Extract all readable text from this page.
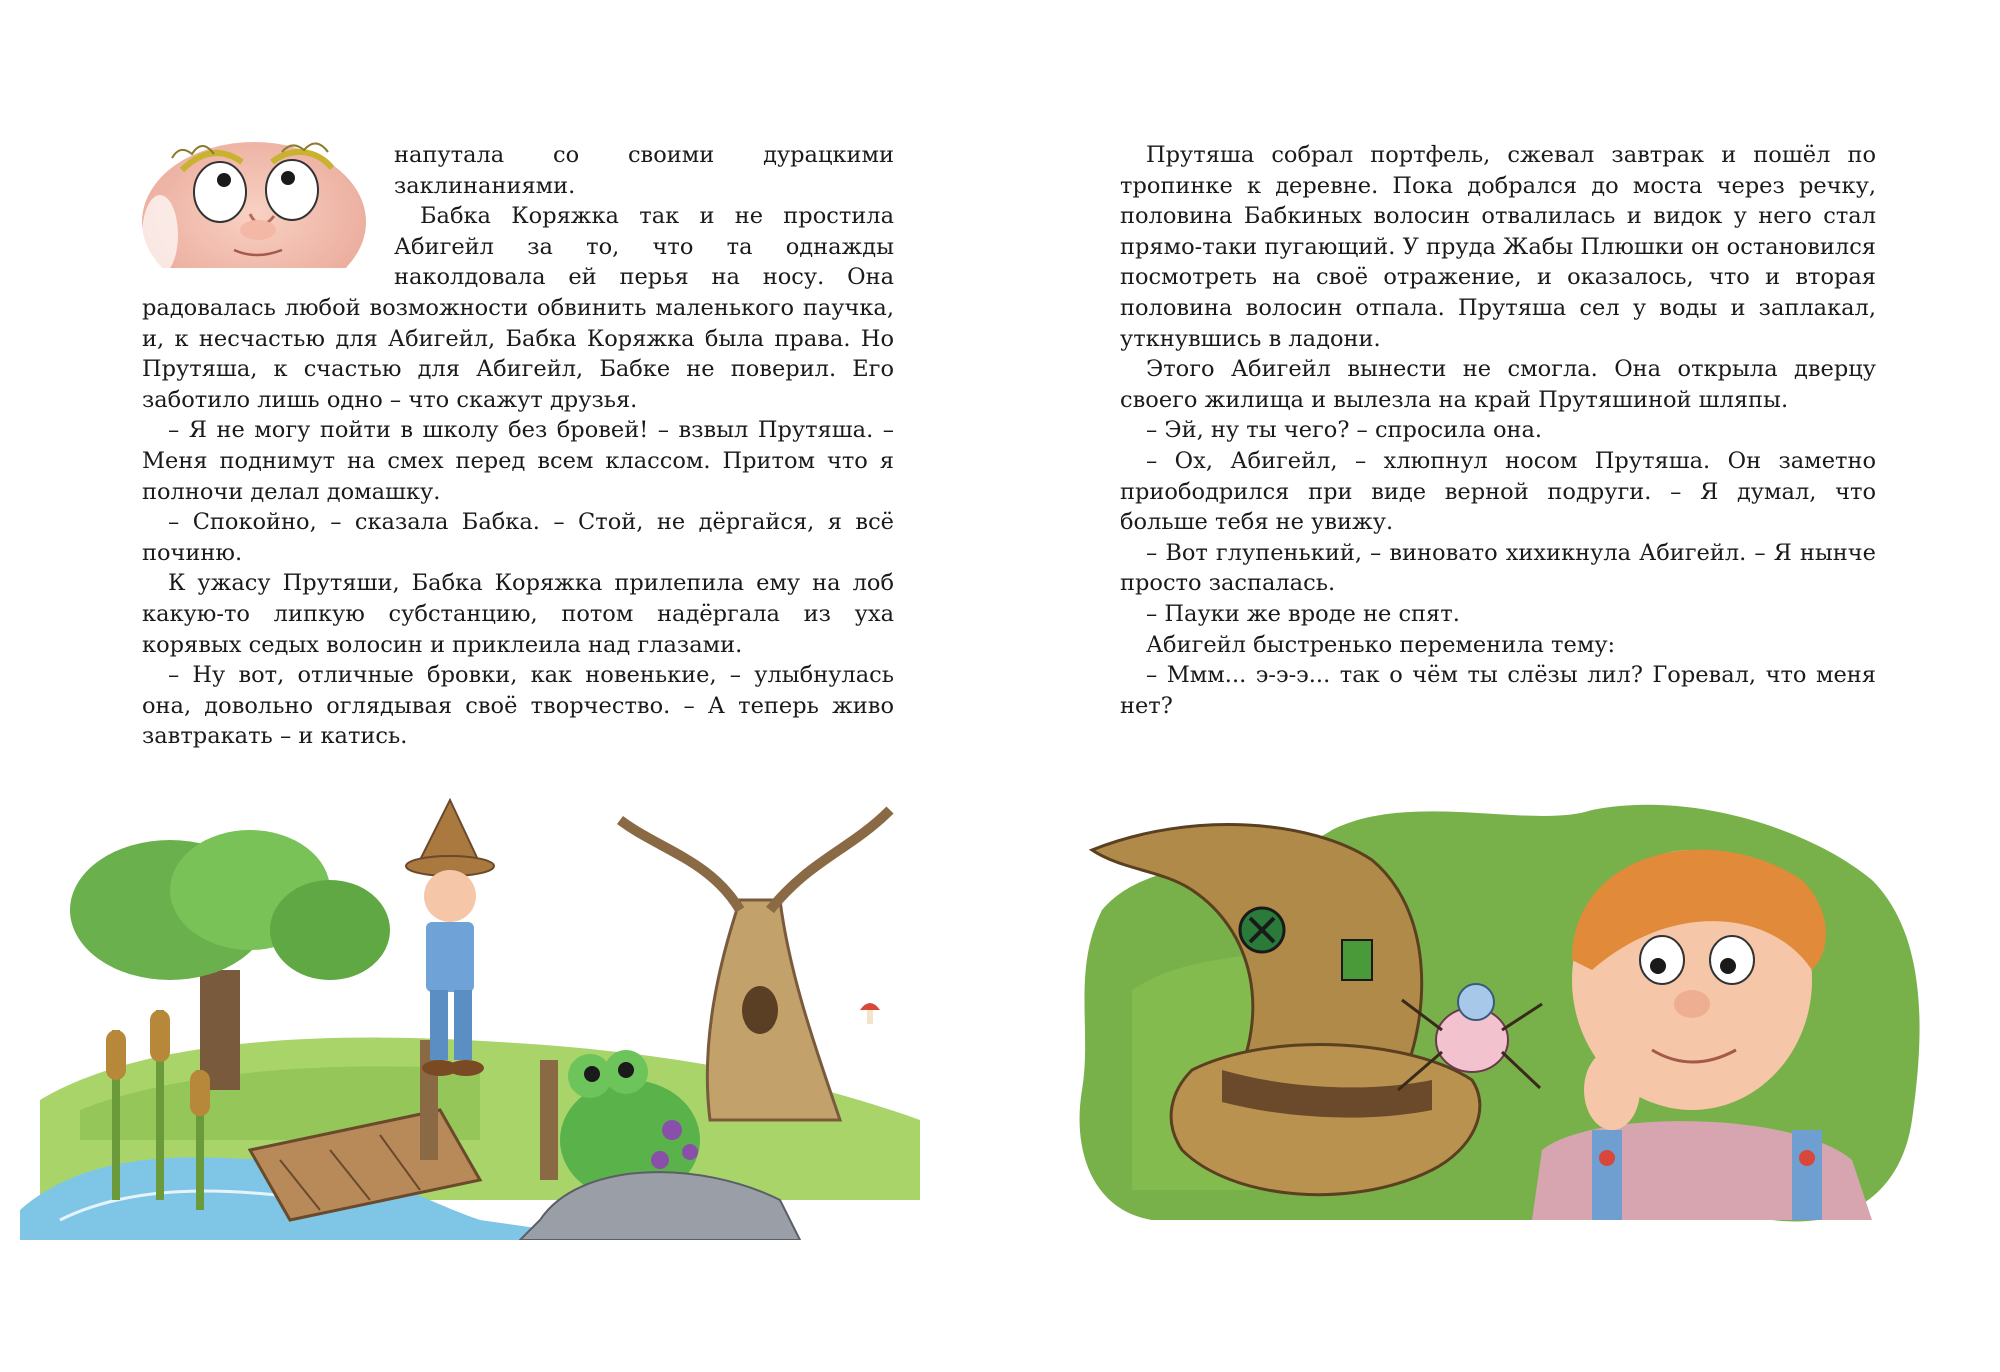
напутала со своими дурацкими заклинаниями.

Бабка Коряжка так и не простила Абигейл за то, что та однажды наколдовала ей перья на носу. Она радовалась любой возможности обвинить маленького паучка, и, к несчастью для Абигейл, Бабка Коряжка была права. Но Прутяша, к счастью для Абигейл, Бабке не поверил. Его заботило лишь одно – что скажут друзья.

– Я не могу пойти в школу без бровей! – взвыл Прутяша. – Меня поднимут на смех перед всем классом. Притом что я полночи делал домашку.

– Спокойно, – сказала Бабка. – Стой, не дёргайся, я всё починю.

К ужасу Прутяши, Бабка Коряжка прилепила ему на лоб какую-то липкую субстанцию, потом надёргала из уха корявых седых волосин и приклеила над глазами.

– Ну вот, отличные бровки, как новенькие, – улыбнулась она, довольно оглядывая своё творчество. – А теперь живо завтракать – и катись.

Прутяша собрал портфель, сжевал завтрак и пошёл по тропинке к деревне. Пока добрался до моста через речку, половина Бабкиных волосин отвалилась и видок у него стал прямо-таки пугающий. У пруда Жабы Плюшки он остановился посмотреть на своё отражение, и оказалось, что и вторая половина волосин отпала. Прутяша сел у воды и заплакал, уткнувшись в ладони.

Этого Абигейл вынести не смогла. Она открыла дверцу своего жилища и вылезла на край Прутяшиной шляпы.

– Эй, ну ты чего? – спросила она.

– Ох, Абигейл, – хлюпнул носом Прутяша. Он заметно приободрился при виде верной подруги. – Я думал, что больше тебя не увижу.

– Вот глупенький, – виновато хихикнула Абигейл. – Я нынче просто заспалась.

– Пауки же вроде не спят.

Абигейл быстренько переменила тему:

– Ммм... э-э-э... так о чём ты слёзы лил? Горевал, что меня нет?
